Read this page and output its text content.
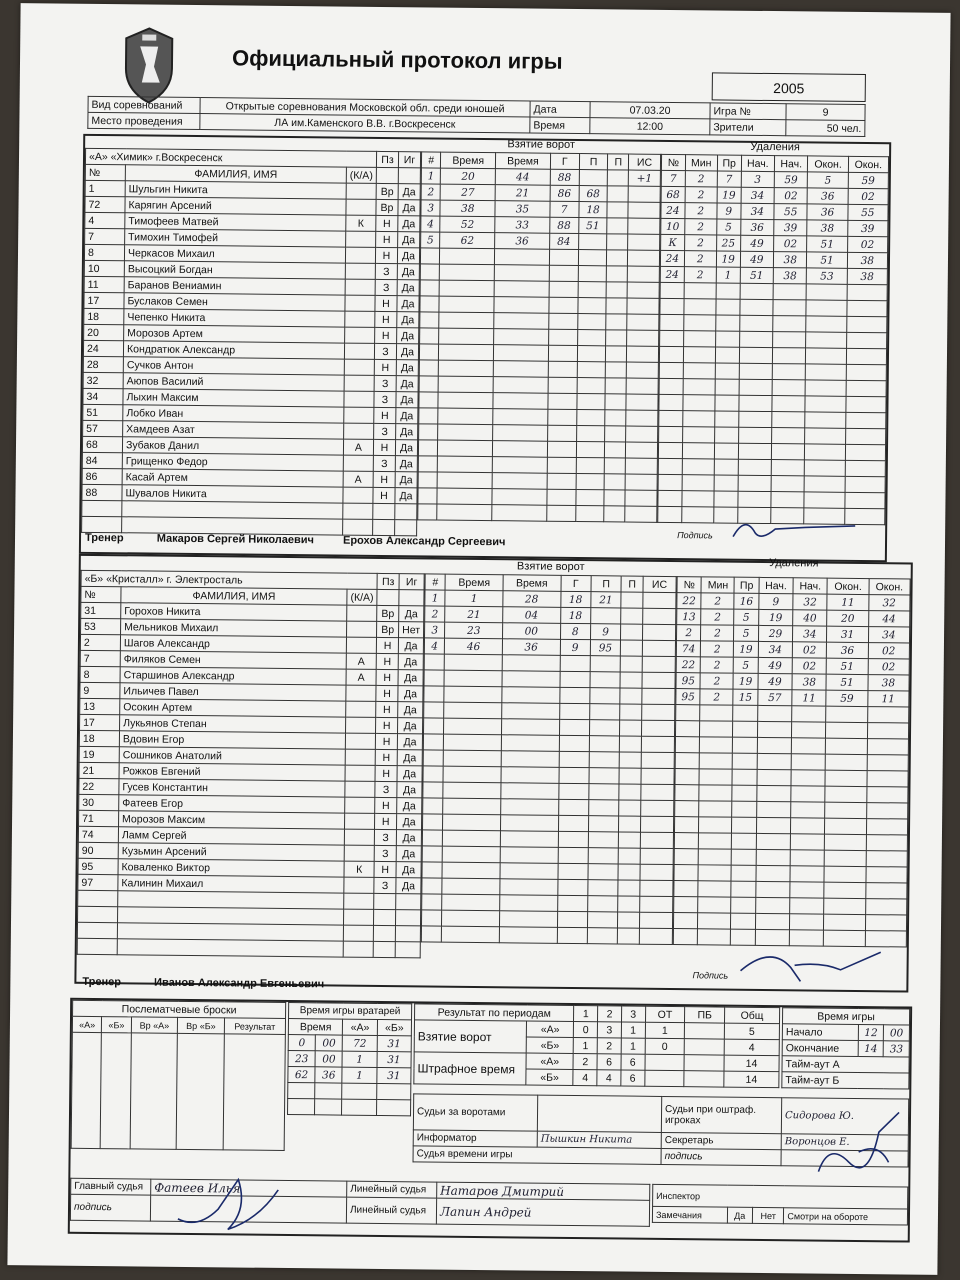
Официальный протокол игры
2005
Вид соревнований	Открытые соревнования Московской обл. среди юношей	Дата	07.03.20	Игра №	9
Место проведения	ЛА им.Каменского В.В. г.Воскресенск	Время	12:00	Зрители	50 чел.
«А» «Химик» г.Воскресенск			Пз	Иг
№	ФАМИЛИЯ, ИМЯ	(К/А)		
1	Шульгин Никита		Вр	Да
72	Карягин Арсений		Вр	Да
4	Тимофеев Матвей	К	Н	Да
7	Тимохин Тимофей		Н	Да
8	Черкасов Михаил		Н	Да
10	Высоцкий Богдан		З	Да
11	Баранов Вениамин		З	Да
17	Буслаков Семен		Н	Да
18	Чепенко Никита		Н	Да
20	Морозов Артем		Н	Да
24	Кондратюк Александр		З	Да
28	Сучков Антон		Н	Да
32	Аюпов Василий		З	Да
34	Лыхин Максим		З	Да
51	Лобко Иван		Н	Да
57	Хамдеев Азат		З	Да
68	Зубаков Данил	А	Н	Да
84	Грищенко Федор		З	Да
86	Касай Артем	А	Н	Да
88	Шувалов Никита		Н	Да

Взятие ворот
#	Время	Время	Г	П	П	ИС
1	20	44	88			+1
2	27	21	86	68		
3	38	35	7	18		
4	52	33	88	51		
5	62	36	84			

Удаления
№	Мин	Пр	Нач.	Нач.	Окон.	Окон.
7	2	7	3	59	5	59
68	2	19	34	02	36	02
24	2	9	34	55	36	55
10	2	5	36	39	38	39
К	2	25	49	02	51	02
24	2	19	49	38	51	38
24	2	1	51	38	53	38

Тренер	Макаров Сергей Николаевич	Ерохов Александр Сергеевич	Подпись
«Б» «Кристалл» г. Электросталь			Пз	Иг
№	ФАМИЛИЯ, ИМЯ	(К/А)		
31	Горохов Никита		Вр	Да
53	Мельников Михаил		Вр	Нет
2	Шагов Александр		Н	Да
7	Филяков Семен	А	Н	Да
8	Старшинов Александр	А	Н	Да
9	Ильичев Павел		Н	Да
13	Осокин Артем		Н	Да
17	Лукьянов Степан		Н	Да
18	Вдовин Егор		Н	Да
19	Сошников Анатолий		Н	Да
21	Рожков Евгений		Н	Да
22	Гусев Константин		З	Да
30	Фатеев Егор		Н	Да
71	Морозов Максим		Н	Да
74	Ламм Сергей		З	Да
90	Кузьмин Арсений		З	Да
95	Коваленко Виктор	К	Н	Да
97	Калинин Михаил		З	Да

Взятие ворот
#	Время	Время	Г	П	П	ИС
1	1	28	18	21		
2	21	04	18			
3	23	00	8	9		
4	46	36	9	95		

Удаления
№	Мин	Пр	Нач.	Нач.	Окон.	Окон.
22	2	16	9	32	11	32
13	2	5	19	40	20	44
2	2	5	29	34	31	34
74	2	19	34	02	36	02
22	2	5	49	02	51	02
95	2	19	49	38	51	38
95	2	15	57	11	59	11

Тренер	Иванов Александр Евгеньевич
Подпись
Послематчевые броски				
«А»	«Б»	Вр «А»	Вр «Б»	Результат

Время игры вратарей			
Время		«А»	«Б»
0	00	72	31
23	00	1	31
62	36	1	31

Результат по периодам		1	2	3	ОТ	ПБ	Общ
Взятие ворот	«А»	0	3	1	1		5
	«Б»	1	2	1	0		4
Штрафное время	«А»	2	6	6			14
	«Б»	4	4	6			14
Время игры		
Начало	12	00
Окончание	14	33
Тайм-аут А		
Тайм-аут Б		
Судьи за воротами		Судьи при оштраф. игроках	Сидорова Ю.
Информатор	Пышкин Никита	Секретарь	Воронцов Е.
Судья времени игры		подпись	
Главный судья	Фатеев Илья	Линейный судья	Натаров Дмитрий
подпись		Линейный судья	Лапин Андрей
Инспектор
Замечания	Да	Нет	Смотри на обороте
